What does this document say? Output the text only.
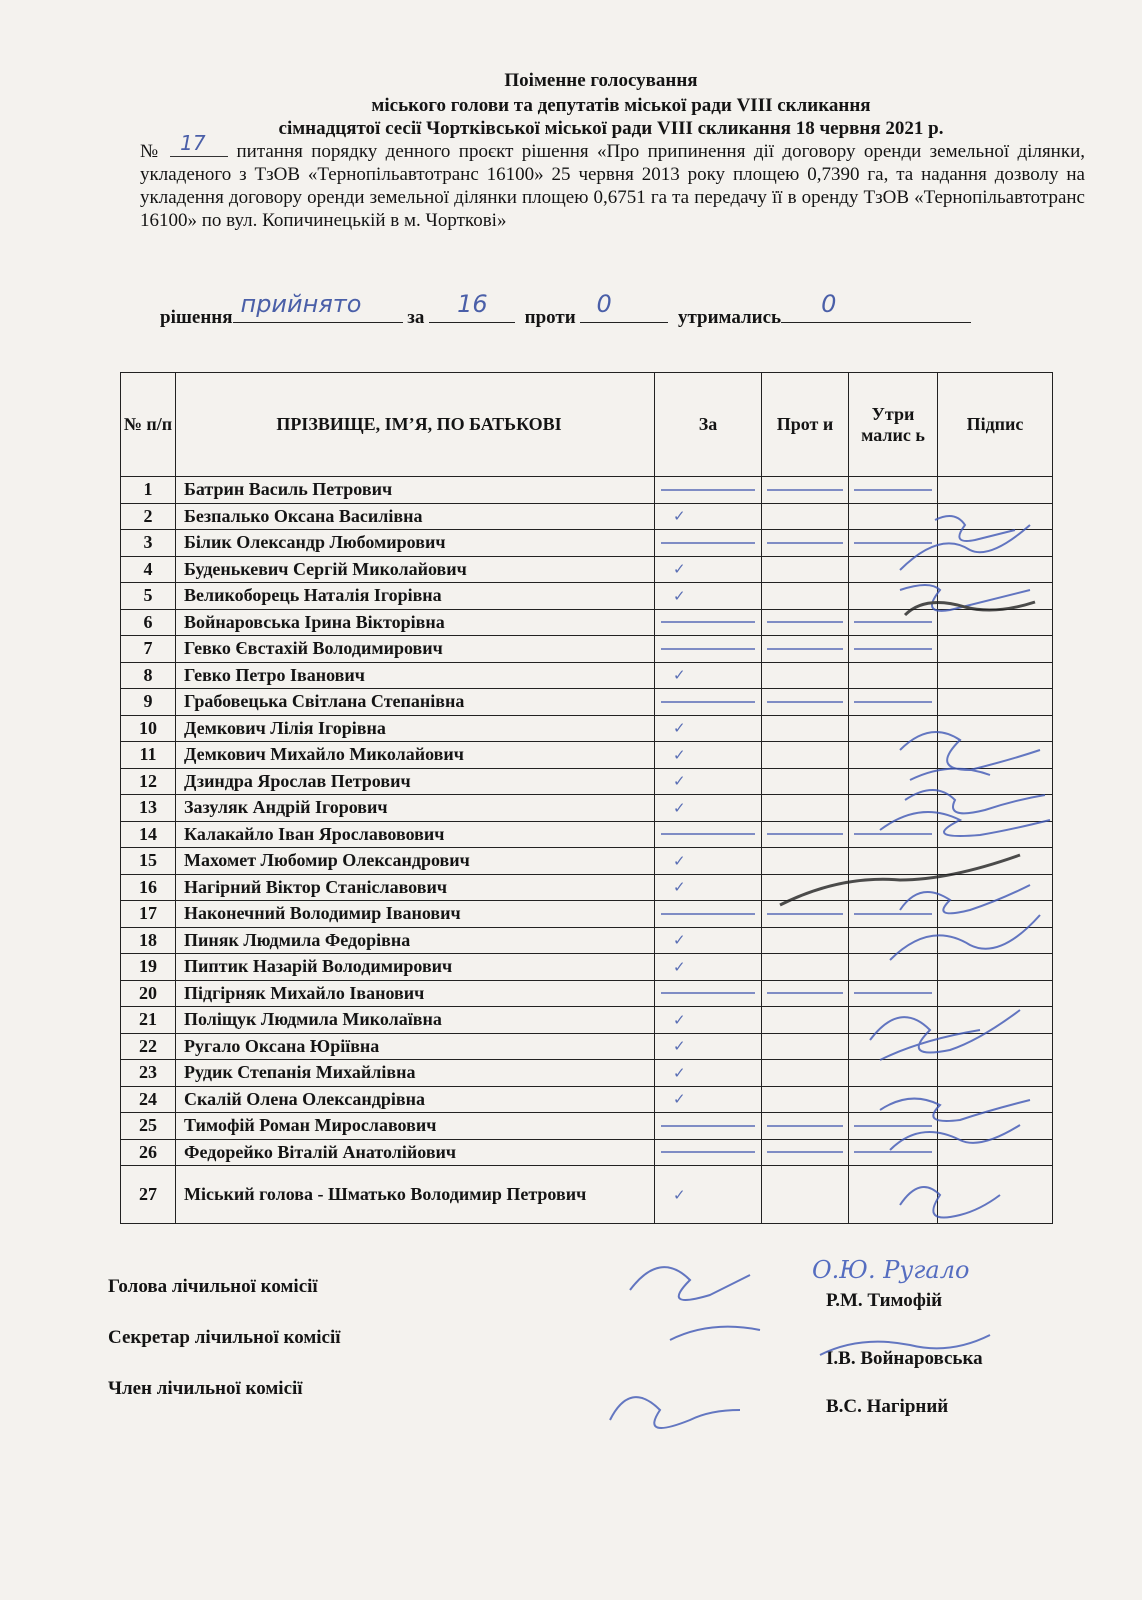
Поіменне голосування
міського голови та депутатів міської ради VIII скликання
сімнадцятої сесії Чортківської міської ради VIII скликання 18 червня 2021 р.
№ 17 питання порядку денного проєкт рішення «Про припинення дії договору оренди земельної ділянки, укладеного з ТзОВ «Тернопільавтотранс 16100» 25 червня 2013 року площею 0,7390 га, та надання дозволу на укладення договору оренди земельної ділянки площею 0,6751 га та передачу її в оренду ТзОВ «Тернопільавтотранс 16100» по вул. Копичинецькій в м. Чорткові»
рішення прийнято за 16 проти 0	утримались 0
№ п/п	ПРІЗВИЩЕ, ІМ’Я, ПО БАТЬКОВІ	За	Прот и	Утри малис ь	Підпис
1	Батрин Василь Петрович	

2	Безпалько Оксана Василівна	✓			
3	Білик Олександр Любомирович	

4	Буденькевич Сергій Миколайович	✓			
5	Великоборець Наталія Ігорівна	✓			
6	Войнаровська Ірина Вікторівна	

7	Гевко Євстахій Володимирович	

8	Гевко Петро Іванович	✓			
9	Грабовецька Світлана Степанівна	

10	Демкович Лілія Ігорівна	✓			
11	Демкович Михайло Миколайович	✓			
12	Дзиндра Ярослав Петрович	✓			
13	Зазуляк Андрій Ігорович	✓			
14	Калакайло Іван Ярославовович	

15	Махомет Любомир Олександрович	✓			
16	Нагірний Віктор Станіславович	✓			
17	Наконечний Володимир Іванович	

18	Пиняк Людмила Федорівна	✓			
19	Пиптик Назарій Володимирович	✓			
20	Підгірняк Михайло Іванович	

21	Поліщук Людмила Миколаївна	✓			
22	Ругало Оксана Юріївна	✓			
23	Рудик Степанія Михайлівна	✓			
24	Скалій Олена Олександрівна	✓			
25	Тимофій Роман Мирославович	

26	Федорейко Віталій Анатолійович	

27	Міський голова - Шматько Володимир Петрович	✓			
Голова лічильної комісії
Р.М. Тимофій
Секретар лічильної комісії
І.В. Войнаровська
Член лічильної комісії
В.С. Нагірний
О.Ю. Ругало
